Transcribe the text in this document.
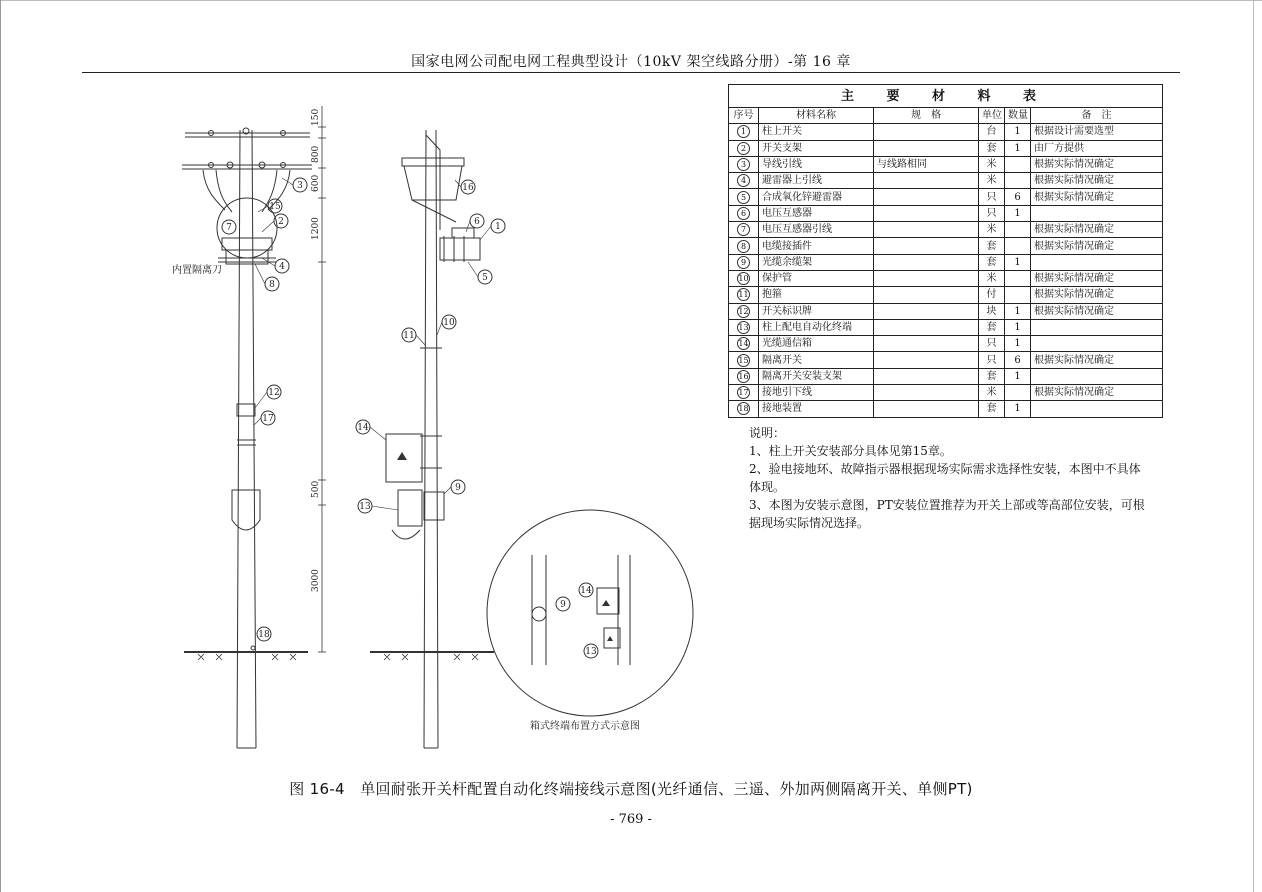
国家电网公司配电网工程典型设计（10kV 架空线路分册）-第 16 章
150
800
600
1200
500
3000
内置隔离刀
箱式终端布置方式示意图
3
15
2
7
4
8
12
17
18
16
6 1
5
10
11
14
9
13
9
14
13
主 要 材 料 表					
序号	材料名称	规　格	单位	数量	备　注
1	柱上开关		台	1	根据设计需要选型
2	开关支架		套	1	由厂方提供
3	导线引线	与线路相同	米		根据实际情况确定
4	避雷器上引线		米		根据实际情况确定
5	合成氧化锌避雷器		只	6	根据实际情况确定
6	电压互感器		只	1	
7	电压互感器引线		米		根据实际情况确定
8	电缆接插件		套		根据实际情况确定
9	光缆余缆架		套	1	
10	保护管		米		根据实际情况确定
11	抱箍		付		根据实际情况确定
12	开关标识牌		块	1	根据实际情况确定
13	柱上配电自动化终端		套	1	
14	光缆通信箱		只	1	
15	隔离开关		只	6	根据实际情况确定
16	隔离开关安装支架		套	1	
17	接地引下线		米		根据实际情况确定
18	接地装置		套	1	

说明：

1、柱上开关安装部分具体见第15章。

2、验电接地环、故障指示器根据现场实际需求选择性安装，本图中不具体体现。

3、本图为安装示意图，PT安装位置推荐为开关上部或等高部位安装，可根据现场实际情况选择。

图 16-4　单回耐张开关杆配置自动化终端接线示意图(光纤通信、三遥、外加两侧隔离开关、单侧PT)
- 769 -
